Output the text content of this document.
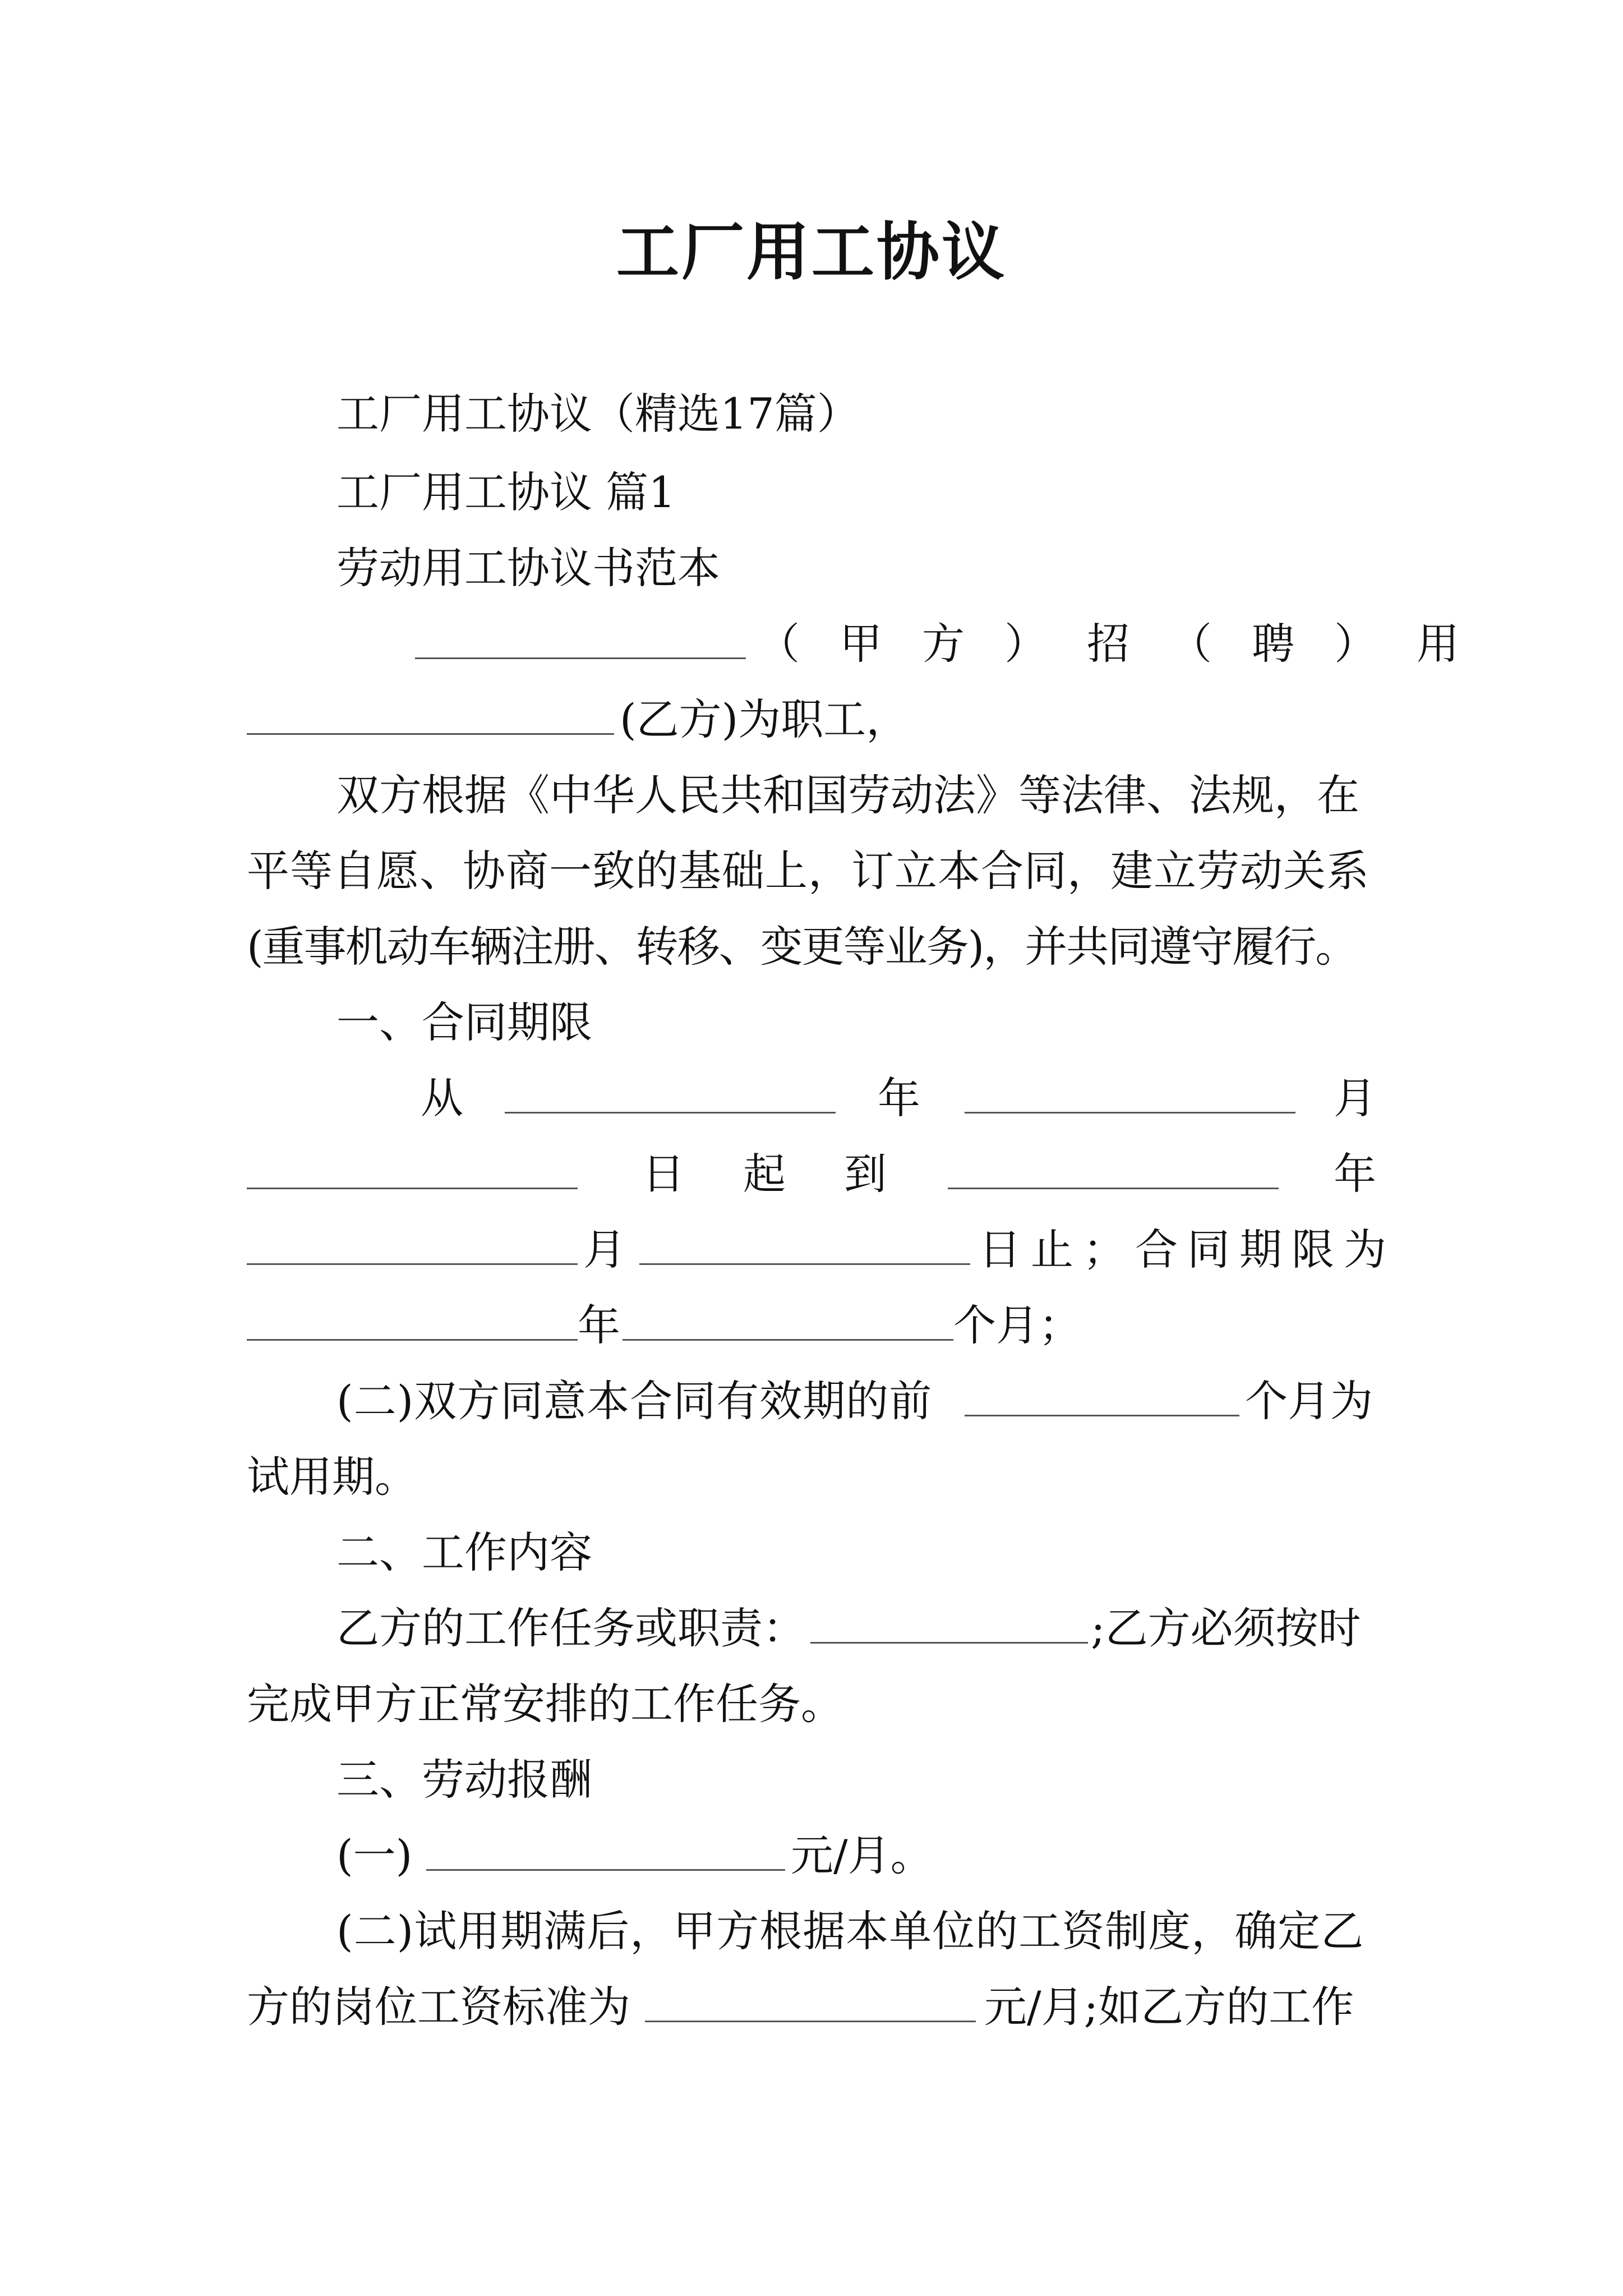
工厂用工协议
工厂用工协议（精选17篇）
工厂用工协议 篇1
劳动用工协议书范本
（甲方）招（聘）用
(乙方)为职工，
双方根据《中华人民共和国劳动法》等法律、法规，在
平等自愿、协商一致的基础上，订立本合同，建立劳动关系
(重事机动车辆注册、转移、变更等业务)，并共同遵守履行。
一、合同期限
从	年	月
日 起 到	年
月	日止；合同期限为
年	个月；
(二)双方同意本合同有效期的前	个月为
试用期。
二、工作内容
乙方的工作任务或职责：	;乙方必须按时
完成甲方正常安排的工作任务。
三、劳动报酬
(一)	元/月。
(二)试用期满后，甲方根据本单位的工资制度，确定乙
方的岗位工资标准为	元/月;如乙方的工作
